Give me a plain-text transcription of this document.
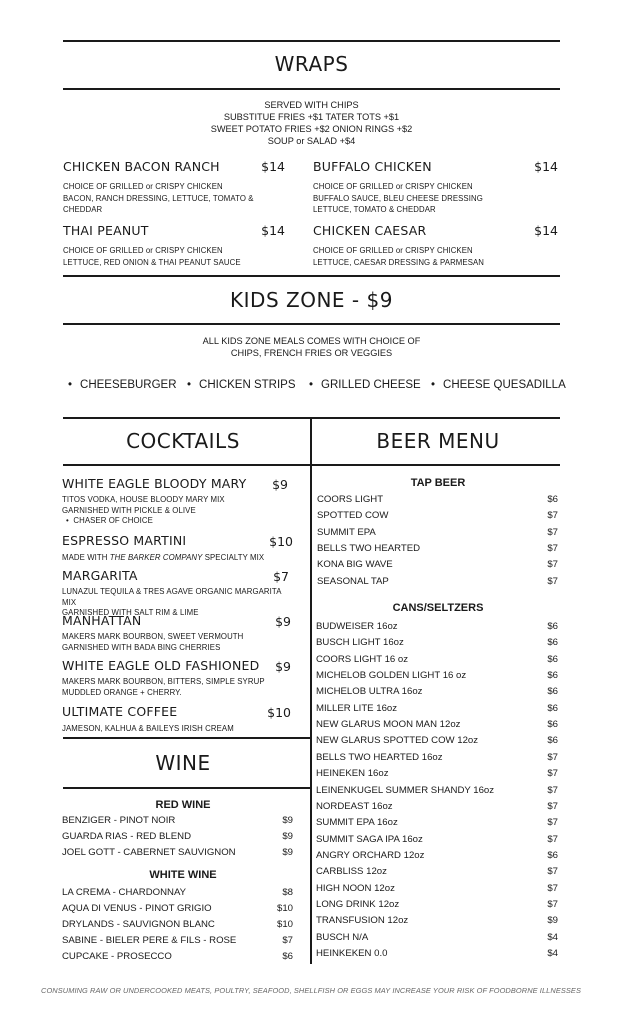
WRAPS
SERVED WITH CHIPS
SUBSTITUE FRIES +$1 TATER TOTS +$1
SWEET POTATO FRIES +$2 ONION RINGS +$2
SOUP or SALAD +$4
CHICKEN BACON RANCH	$14
CHOICE OF GRILLED or CRISPY CHICKEN
BACON, RANCH DRESSING, LETTUCE, TOMATO &
CHEDDAR
BUFFALO CHICKEN	$14
CHOICE OF GRILLED or CRISPY CHICKEN
BUFFALO SAUCE, BLEU CHEESE DRESSING
LETTUCE, TOMATO & CHEDDAR
THAI PEANUT	$14
CHOICE OF GRILLED or CRISPY CHICKEN
LETTUCE, RED ONION & THAI PEANUT SAUCE
CHICKEN CAESAR	$14
CHOICE OF GRILLED or CRISPY CHICKEN
LETTUCE, CAESAR DRESSING & PARMESAN
KIDS ZONE - $9
ALL KIDS ZONE MEALS COMES WITH CHOICE OF
CHIPS, FRENCH FRIES OR VEGGIES
• CHEESEBURGER	• CHICKEN STRIPS	• GRILLED CHEESE	• CHEESE QUESADILLA
COCKTAILS	BEER MENU
WHITE EAGLE BLOODY MARY	$9
TITOS VODKA, HOUSE BLOODY MARY MIX
GARNISHED WITH PICKLE & OLIVE
•  CHASER OF CHOICE
ESPRESSO MARTINI	$10
MADE WITH THE BARKER COMPANY SPECIALTY MIX
MARGARITA	$7
LUNAZUL TEQUILA & TRES AGAVE ORGANIC MARGARITA MIX
GARNISHED WITH SALT RIM & LIME
MANHATTAN	$9
MAKERS MARK BOURBON, SWEET VERMOUTH
GARNISHED WITH BADA BING CHERRIES
WHITE EAGLE OLD FASHIONED	$9
MAKERS MARK BOURBON, BITTERS, SIMPLE SYRUP
MUDDLED ORANGE + CHERRY.
ULTIMATE COFFEE	$10
JAMESON, KALHUA & BAILEYS IRISH CREAM
WINE
RED WINE
BENZIGER - PINOT NOIR	$9
GUARDA RIAS - RED BLEND	$9
JOEL GOTT - CABERNET SAUVIGNON	$9
WHITE WINE
LA CREMA - CHARDONNAY	$8
AQUA DI VENUS - PINOT GRIGIO	$10
DRYLANDS - SAUVIGNON BLANC	$10
SABINE - BIELER PERE & FILS - ROSE	$7
CUPCAKE - PROSECCO	$6
TAP BEER
COORS LIGHT	$6
SPOTTED COW	$7
SUMMIT EPA	$7
BELLS TWO HEARTED	$7
KONA BIG WAVE	$7
SEASONAL TAP	$7
CANS/SELTZERS
BUDWEISER 16oz	$6
BUSCH LIGHT 16oz	$6
COORS LIGHT 16 oz	$6
MICHELOB GOLDEN LIGHT 16 oz	$6
MICHELOB ULTRA 16oz	$6
MILLER LITE 16oz	$6
NEW GLARUS MOON MAN 12oz	$6
NEW GLARUS SPOTTED COW 12oz	$6
BELLS TWO HEARTED 16oz	$7
HEINEKEN 16oz	$7
LEINENKUGEL SUMMER SHANDY 16oz	$7
NORDEAST 16oz	$7
SUMMIT EPA 16oz	$7
SUMMIT SAGA IPA 16oz	$7
ANGRY ORCHARD 12oz	$6
CARBLISS 12oz	$7
HIGH NOON 12oz	$7
LONG DRINK 12oz	$7
TRANSFUSION 12oz	$9
BUSCH N/A	$4
HEINKEKEN 0.0	$4
CONSUMING RAW OR UNDERCOOKED MEATS, POULTRY, SEAFOOD, SHELLFISH OR EGGS MAY INCREASE YOUR RISK OF FOODBORNE ILLNESSES
